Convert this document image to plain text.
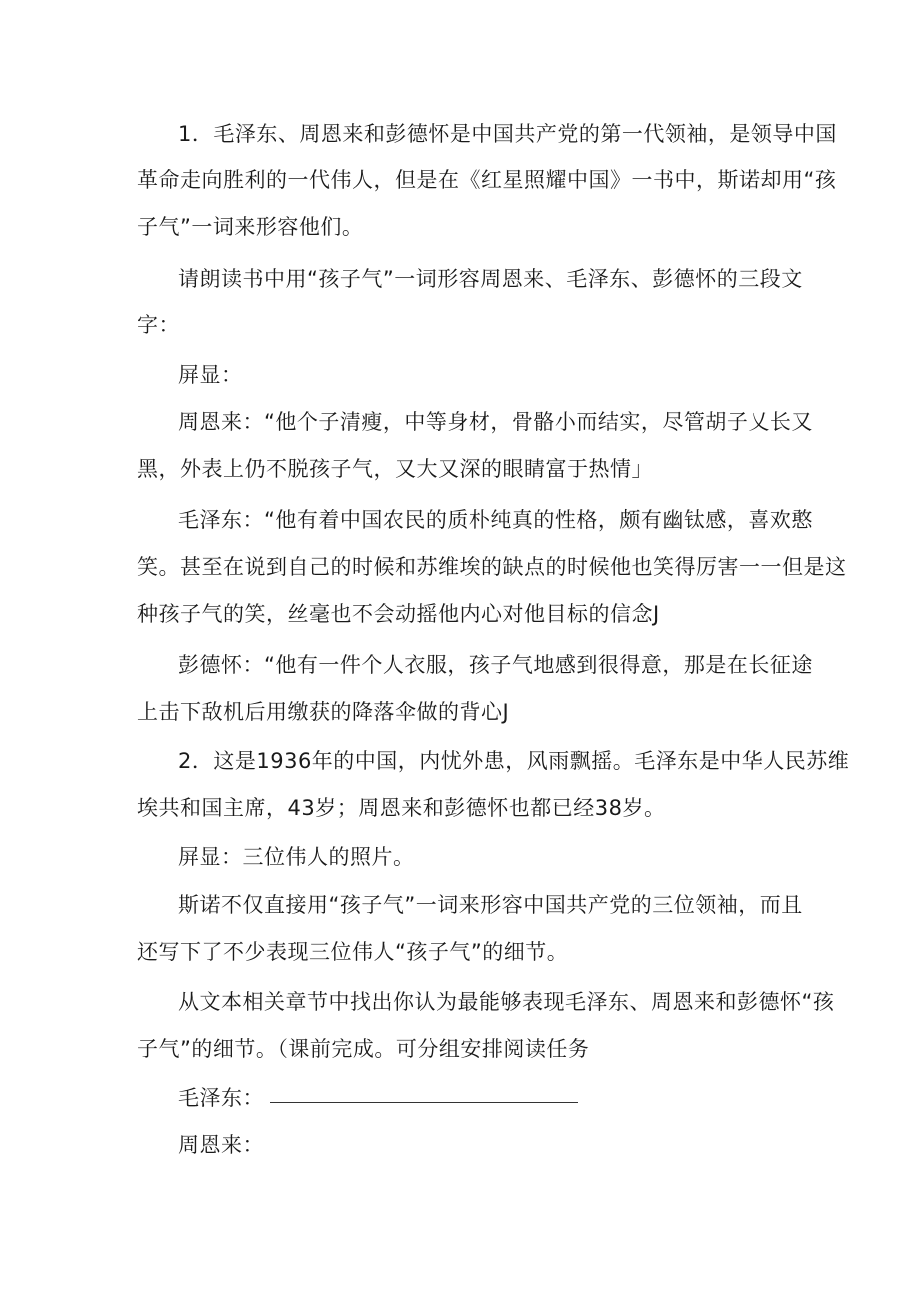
1．毛泽东、周恩来和彭德怀是中国共产党的第一代领袖，是领导中国
革命走向胜利的一代伟人，但是在《红星照耀中国》一书中，斯诺却用“孩
子气”一词来形容他们。
请朗读书中用“孩子气”一词形容周恩来、毛泽东、彭德怀的三段文
字：
屏显：
周恩来：“他个子清瘦，中等身材，骨骼小而结实，尽管胡子乂长又
黑，外表上仍不脱孩子气，又大又深的眼睛富于热情」
毛泽东：“他有着中国农民的质朴纯真的性格，颇有幽钛感，喜欢憨
笑。甚至在说到自己的时候和苏维埃的缺点的时候他也笑得厉害一一但是这
种孩子气的笑，丝毫也不会动摇他内心对他目标的信念J
彭德怀：“他有一件个人衣服，孩子气地感到很得意，那是在长征途
上击下敌机后用缴获的降落伞做的背心J
2．这是1936年的中国，内忧外患，风雨飘摇。毛泽东是中华人民苏维
埃共和国主席，43岁；周恩来和彭德怀也都已经38岁。
屏显：三位伟人的照片。
斯诺不仅直接用“孩子气”一词来形容中国共产党的三位领袖，而且
还写下了不少表现三位伟人“孩子气”的细节。
从文本相关章节中找出你认为最能够表现毛泽东、周恩来和彭德怀“孩
子气”的细节。（课前完成。可分组安排阅读任务
毛泽东：
周恩来：
